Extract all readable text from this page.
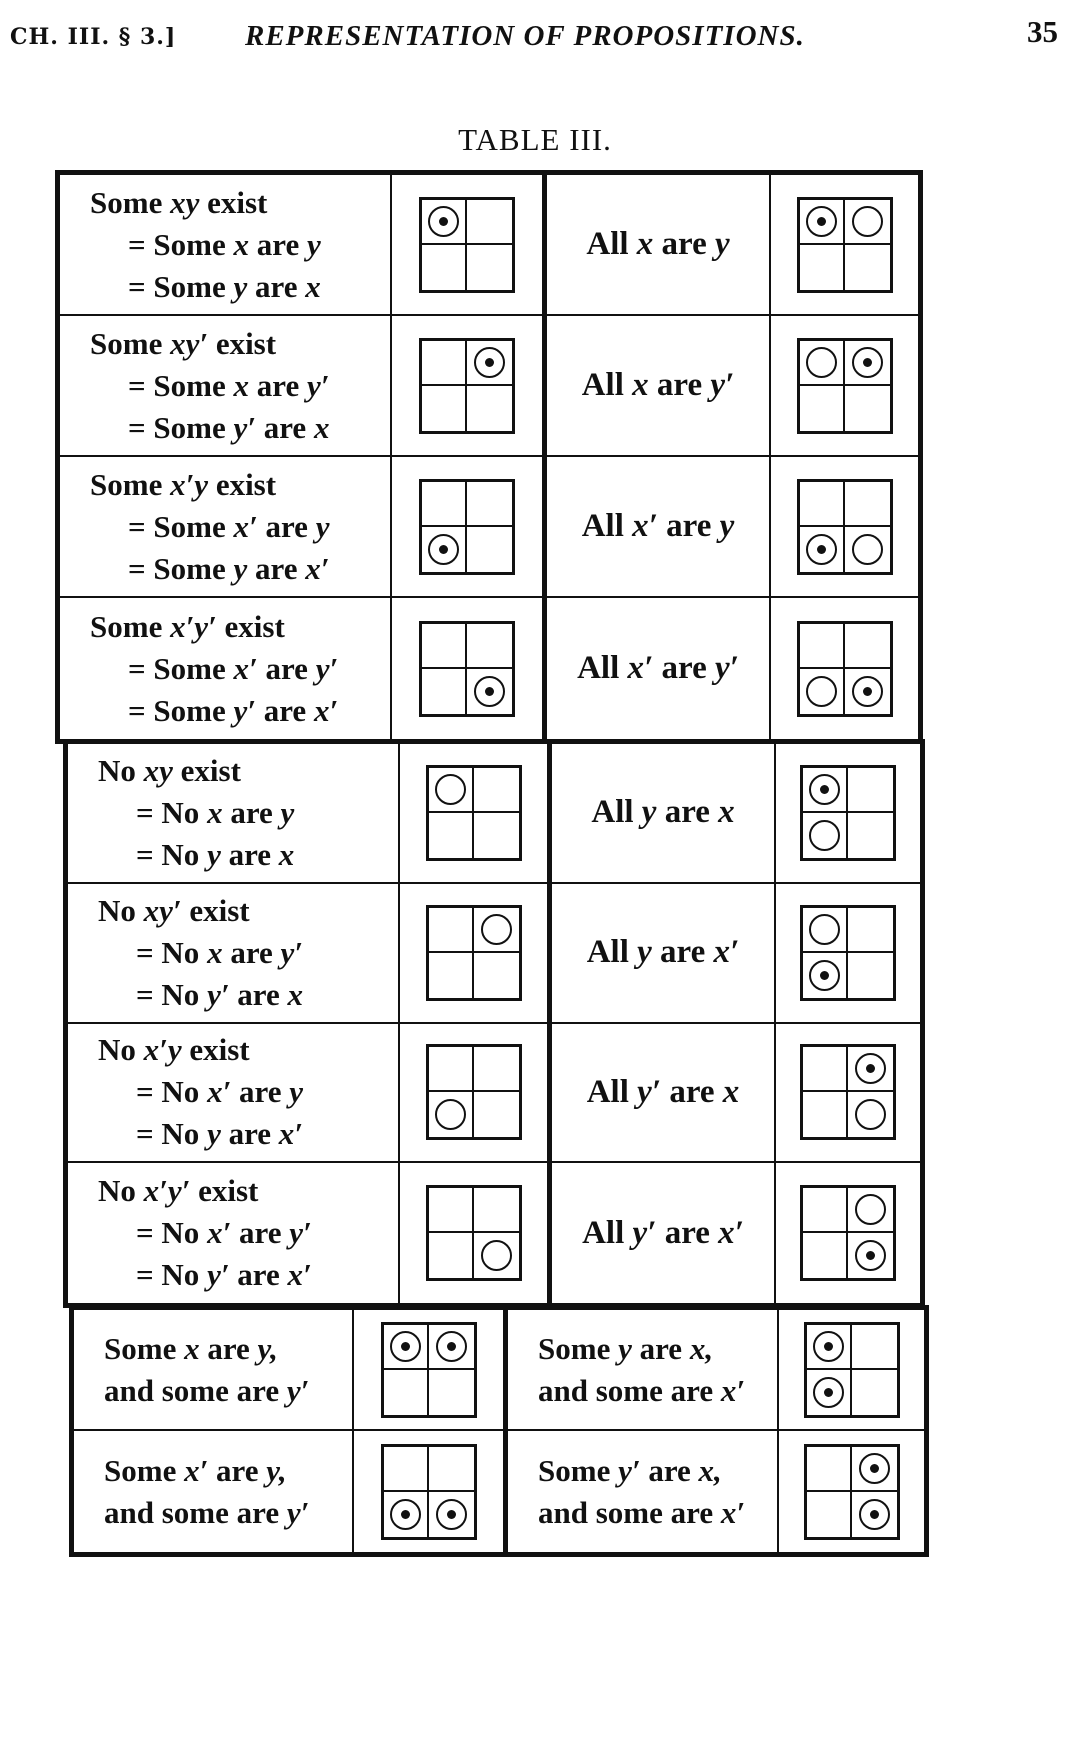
CH. III. § 3.] REPRESENTATION OF PROPOSITIONS.	35
TABLE III.
Some xy exist
= Some x are y
= Some y are x
All x are y
Some xy′ exist
= Some x are y′
= Some y′ are x
All x are y′
Some x′y exist
= Some x′ are y
= Some y are x′
All x′ are y
Some x′y′ exist
= Some x′ are y′
= Some y′ are x′
All x′ are y′
No xy exist
= No x are y
= No y are x
All y are x
No xy′ exist
= No x are y′
= No y′ are x
All y are x′
No x′y exist
= No x′ are y
= No y are x′
All y′ are x
No x′y′ exist
= No x′ are y′
= No y′ are x′
All y′ are x′
Some x are y,
and some are y′
Some y are x,
and some are x′
Some x′ are y,
and some are y′
Some y′ are x,
and some are x′
